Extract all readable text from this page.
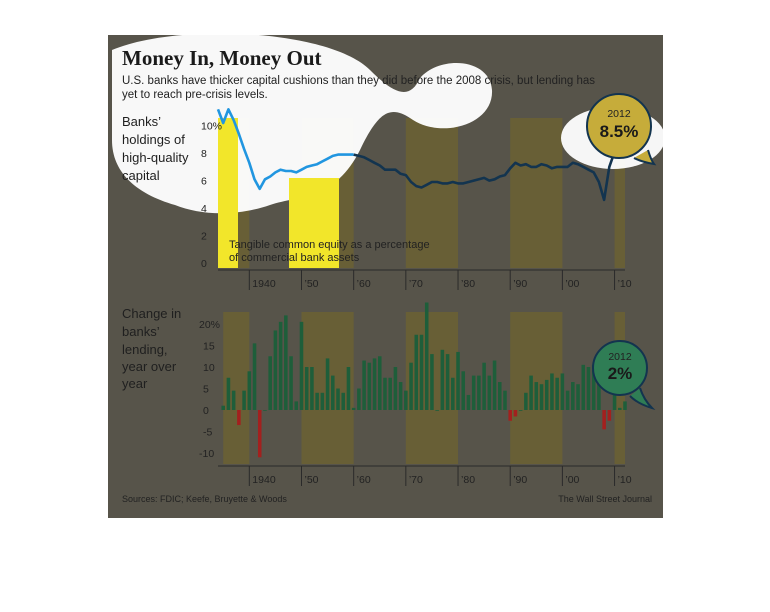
Money In, Money Out
U.S. banks have thicker capital cushions than they did before the 2008 crisis, but lending has
yet to reach pre-crisis levels.
Banks’
holdings of
high-quality
capital
10%
8
6
4
2
0
Tangible common equity as a percentage
of commercial bank assets
1940	’50	’60	’70	’80	’90	’00	’10
2012
8.5%
Change in
banks’
lending,
year over
year
20%
15
10
5
0
-5
-10
1940	’50	’60	’70	’80	’90	’00	’10
2012
2%
Sources: FDIC; Keefe, Bruyette & Woods	The Wall Street Journal
